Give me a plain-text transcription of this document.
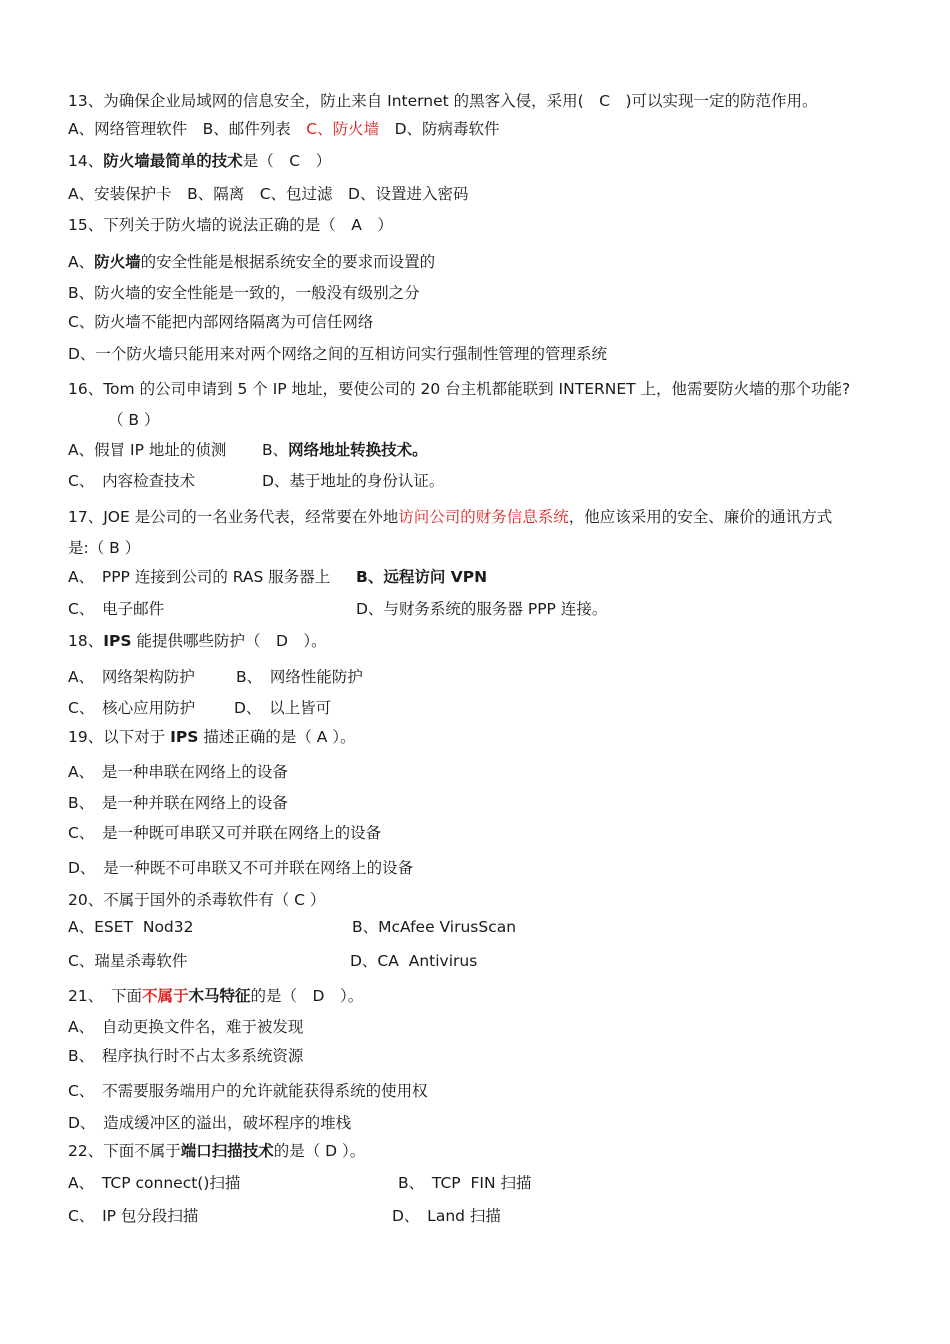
13、为确保企业局域网的信息安全，防止来自 Internet 的黑客入侵，采用(　C　)可以实现一定的防范作用。
A、网络管理软件　B、邮件列表　C、防火墙　D、防病毒软件
14、防火墙最简单的技术是（　C　）
A、安装保护卡　B、隔离　C、包过滤　D、设置进入密码
15、下列关于防火墙的说法正确的是（　A　）
A、防火墙的安全性能是根据系统安全的要求而设置的
B、防火墙的安全性能是一致的，一般没有级别之分
C、防火墙不能把内部网络隔离为可信任网络
D、一个防火墙只能用来对两个网络之间的互相访问实行强制性管理的管理系统
16、Tom 的公司申请到 5 个 IP 地址，要使公司的 20 台主机都能联到 INTERNET 上，他需要防火墙的那个功能?
（ B ）
A、假冒 IP 地址的侦测 B、网络地址转换技术。
C、　内容检查技术	D、基于地址的身份认证。
17、JOE 是公司的一名业务代表，经常要在外地访问公司的财务信息系统，他应该采用的安全、廉价的通讯方式
是:（ B ）
A、　PPP 连接到公司的 RAS 服务器上 B、远程访问 VPN
C、　电子邮件	D、与财务系统的服务器 PPP 连接。
18、IPS 能提供哪些防护（　D　）。
A、　网络架构防护	B、　网络性能防护
C、　核心应用防护	D、　以上皆可
19、以下对于 IPS 描述正确的是（ A ）。
A、　是一种串联在网络上的设备
B、　是一种并联在网络上的设备
C、　是一种既可串联又可并联在网络上的设备
D、　是一种既不可串联又不可并联在网络上的设备
20、不属于国外的杀毒软件有（ C ）
A、ESET  Nod32	B、McAfee VirusScan
C、瑞星杀毒软件	D、CA  Antivirus
21、　下面不属于木马特征的是（　D　）。
A、　自动更换文件名，难于被发现
B、　程序执行时不占太多系统资源
C、　不需要服务端用户的允许就能获得系统的使用权
D、　造成缓冲区的溢出，破坏程序的堆栈
22、下面不属于端口扫描技术的是（ D ）。
A、　TCP connect()扫描	B、　TCP  FIN 扫描
C、　IP 包分段扫描	D、　Land 扫描
